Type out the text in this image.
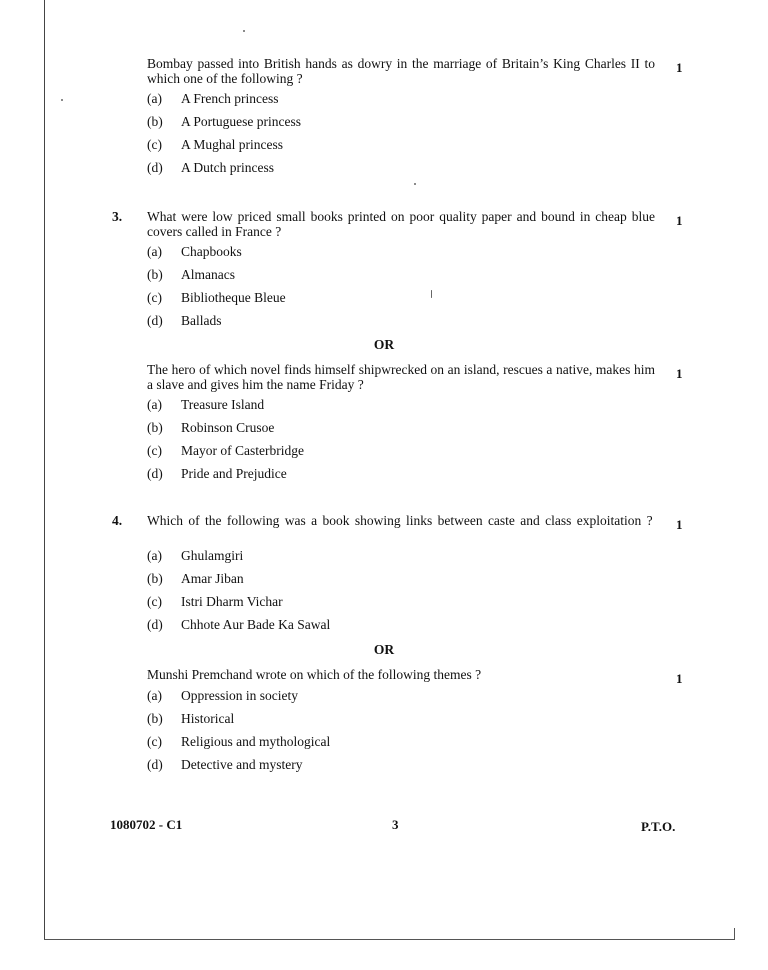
Bombay passed into British hands as dowry in the marriage of Britain’s King Charles II to which one of the following ?
1
(a) A French princess
(b) A Portuguese princess
(c) A Mughal princess
(d) A Dutch princess
3. What were low priced small books printed on poor quality paper and bound in cheap blue covers called in France ?
1
(a) Chapbooks
(b) Almanacs
(c) Bibliotheque Bleue
(d) Ballads
OR
The hero of which novel finds himself shipwrecked on an island, rescues a native, makes him a slave and gives him the name Friday ?
1
(a) Treasure Island
(b) Robinson Crusoe
(c) Mayor of Casterbridge
(d) Pride and Prejudice
4. Which of the following was a book showing links between caste and class exploitation ? 1
(a) Ghulamgiri
(b) Amar Jiban
(c) Istri Dharm Vichar
(d) Chhote Aur Bade Ka Sawal
OR
Munshi Premchand wrote on which of the following themes ?	1
(a) Oppression in society
(b) Historical
(c) Religious and mythological
(d) Detective and mystery
1080702 - C1	3	P.T.O.
